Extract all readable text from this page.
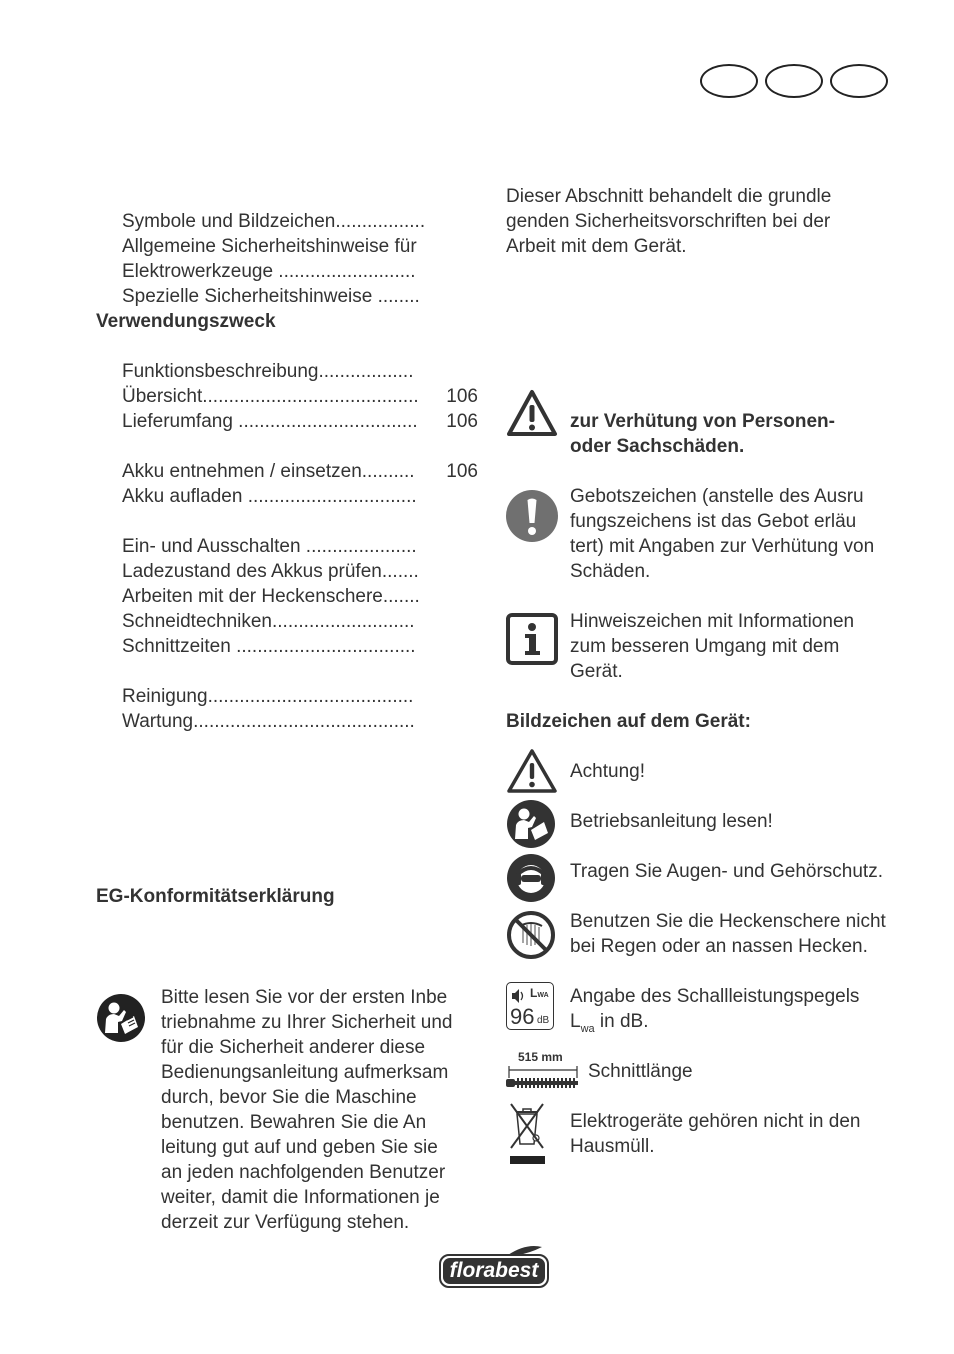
Dieser Abschnitt behandelt die grundle
genden Sicherheitsvorschriften bei der
Arbeit mit dem Gerät.
Symbole und Bildzeichen.................
Allgemeine Sicherheitshinweise für
Elektrowerkzeuge ..........................
Spezielle Sicherheitshinweise ........
Verwendungszweck
Funktionsbeschreibung..................
Übersicht......................................... 106
Lieferumfang .................................. 106
Akku entnehmen / einsetzen.......... 106
Akku aufladen ................................
Ein- und Ausschalten .....................
Ladezustand des Akkus prüfen.......
Arbeiten mit der Heckenschere.......
Schneidtechniken...........................
Schnittzeiten ..................................
Reinigung.......................................
Wartung..........................................
EG-Konformitätserklärung
Bitte lesen Sie vor der ersten Inbe
triebnahme zu Ihrer Sicherheit und
für die Sicherheit anderer diese
Bedienungsanleitung aufmerksam
durch, bevor Sie die Maschine
benutzen. Bewahren Sie die An
leitung gut auf und geben Sie sie
an jeden nachfolgenden Benutzer
weiter, damit die Informationen je
derzeit zur Verfügung stehen.
zur Verhütung von Personen-
oder Sachschäden.
Gebotszeichen (anstelle des Ausru
fungszeichens ist das Gebot erläu
tert) mit Angaben zur Verhütung von
Schäden.
Hinweiszeichen mit Informationen
zum besseren Umgang mit dem
Gerät.
Bildzeichen auf dem Gerät:
Achtung!
Betriebsanleitung lesen!
Tragen Sie Augen- und Gehörschutz.
Benutzen Sie die Heckenschere nicht
bei Regen oder an nassen Hecken.
LWA
96 dB
Angabe des Schallleistungspegels
$L_{wa}$ in dB.
515 mm
Schnittlänge
Elektrogeräte gehören nicht in den
Hausmüll.
florabest
